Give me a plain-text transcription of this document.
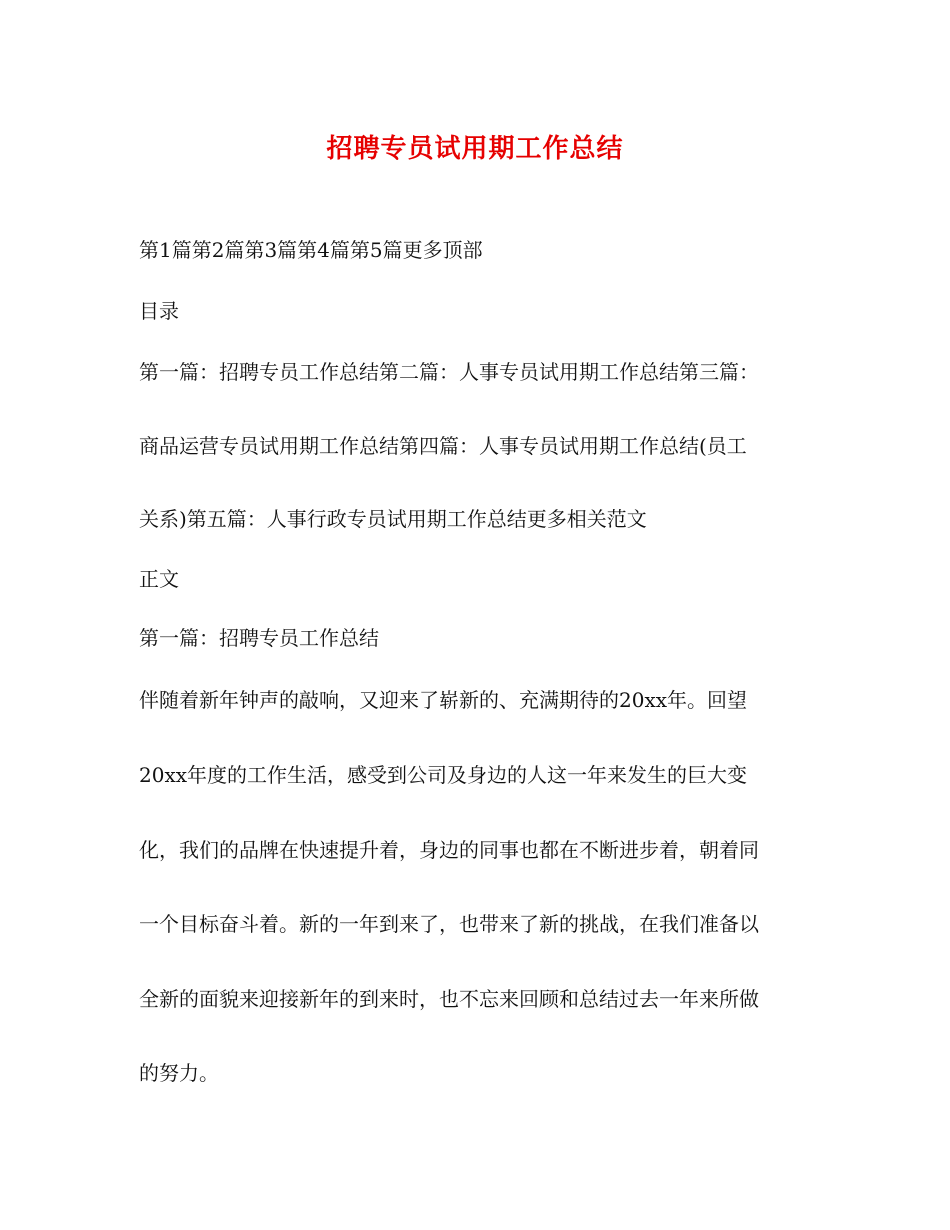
招聘专员试用期工作总结
第1篇第2篇第3篇第4篇第5篇更多顶部
目录
第一篇：招聘专员工作总结第二篇：人事专员试用期工作总结第三篇：
商品运营专员试用期工作总结第四篇：人事专员试用期工作总结(员工
关系)第五篇：人事行政专员试用期工作总结更多相关范文
正文
第一篇：招聘专员工作总结
伴随着新年钟声的敲响，又迎来了崭新的、充满期待的20xx年。回望
20xx年度的工作生活，感受到公司及身边的人这一年来发生的巨大变
化，我们的品牌在快速提升着，身边的同事也都在不断进步着，朝着同
一个目标奋斗着。新的一年到来了，也带来了新的挑战，在我们准备以
全新的面貌来迎接新年的到来时，也不忘来回顾和总结过去一年来所做
的努力。
